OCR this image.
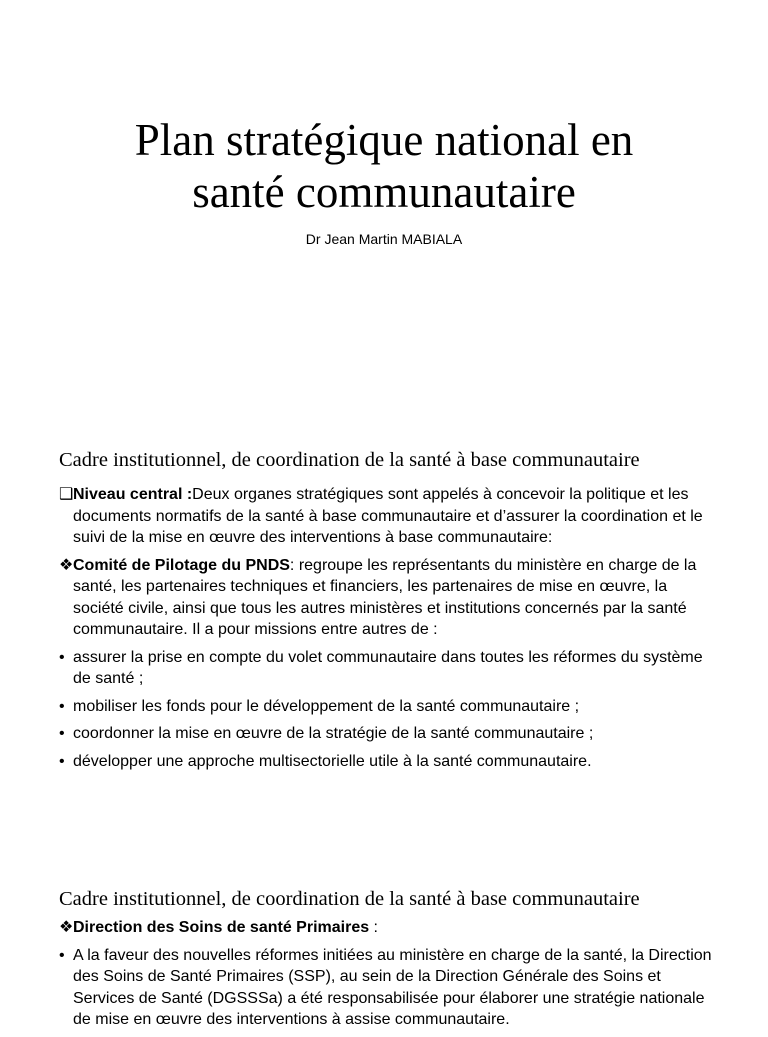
Plan stratégique national en
santé communautaire
Dr Jean Martin MABIALA
Cadre institutionnel, de coordination de la santé à base communautaire
❑ Niveau central :Deux organes stratégiques sont appelés à concevoir la politique et les documents normatifs de la santé à base communautaire et d’assurer la coordination et le suivi de la mise en œuvre des interventions à base communautaire:
❖ Comité de Pilotage du PNDS: regroupe les représentants du ministère en charge de la santé, les partenaires techniques et financiers, les partenaires de mise en œuvre, la société civile, ainsi que tous les autres ministères et institutions concernés par la santé communautaire. Il a pour missions entre autres de :
• assurer la prise en compte du volet communautaire dans toutes les réformes du système de santé ;
• mobiliser les fonds pour le développement de la santé communautaire ;
• coordonner la mise en œuvre de la stratégie de la santé communautaire ;
• développer une approche multisectorielle utile à la santé communautaire.
Cadre institutionnel, de coordination de la santé à base communautaire
❖ Direction des Soins de santé Primaires :
• A la faveur des nouvelles réformes initiées au ministère en charge de la santé, la Direction des Soins de Santé Primaires (SSP), au sein de la Direction Générale des Soins et Services de Santé (DGSSSa) a été responsabilisée pour élaborer une stratégie nationale de mise en œuvre des interventions à assise communautaire.
